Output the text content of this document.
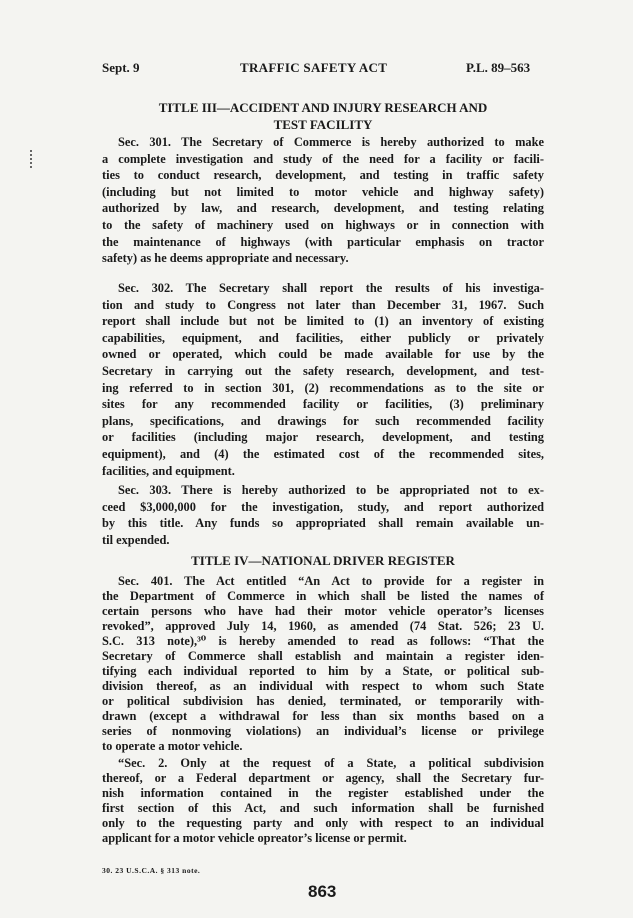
Sept. 9	TRAFFIC SAFETY ACT	P.L. 89–563
TITLE III—ACCIDENT AND INJURY RESEARCH AND
TEST FACILITY
Sec. 301. The Secretary of Commerce is hereby authorized to make
a complete investigation and study of the need for a facility or facili-
ties to conduct research, development, and testing in traffic safety
(including but not limited to motor vehicle and highway safety)
authorized by law, and research, development, and testing relating
to the safety of machinery used on highways or in connection with
the maintenance of highways (with particular emphasis on tractor
safety) as he deems appropriate and necessary.
Sec. 302. The Secretary shall report the results of his investiga-
tion and study to Congress not later than December 31, 1967. Such
report shall include but not be limited to (1) an inventory of existing
capabilities, equipment, and facilities, either publicly or privately
owned or operated, which could be made available for use by the
Secretary in carrying out the safety research, development, and test-
ing referred to in section 301, (2) recommendations as to the site or
sites for any recommended facility or facilities, (3) preliminary
plans, specifications, and drawings for such recommended facility
or facilities (including major research, development, and testing
equipment), and (4) the estimated cost of the recommended sites,
facilities, and equipment.
Sec. 303. There is hereby authorized to be appropriated not to ex-
ceed $3,000,000 for the investigation, study, and report authorized
by this title. Any funds so appropriated shall remain available un-
til expended.
TITLE IV—NATIONAL DRIVER REGISTER
Sec. 401. The Act entitled “An Act to provide for a register in
the Department of Commerce in which shall be listed the names of
certain persons who have had their motor vehicle operator’s licenses
revoked”, approved July 14, 1960, as amended (74 Stat. 526; 23 U.
S.C. 313 note),³⁰ is hereby amended to read as follows: “That the
Secretary of Commerce shall establish and maintain a register iden-
tifying each individual reported to him by a State, or political sub-
division thereof, as an individual with respect to whom such State
or political subdivision has denied, terminated, or temporarily with-
drawn (except a withdrawal for less than six months based on a
series of nonmoving violations) an individual’s license or privilege
to operate a motor vehicle.
“Sec. 2. Only at the request of a State, a political subdivision
thereof, or a Federal department or agency, shall the Secretary fur-
nish information contained in the register established under the
first section of this Act, and such information shall be furnished
only to the requesting party and only with respect to an individual
applicant for a motor vehicle opreator’s license or permit.
30. 23 U.S.C.A. § 313 note.
863
